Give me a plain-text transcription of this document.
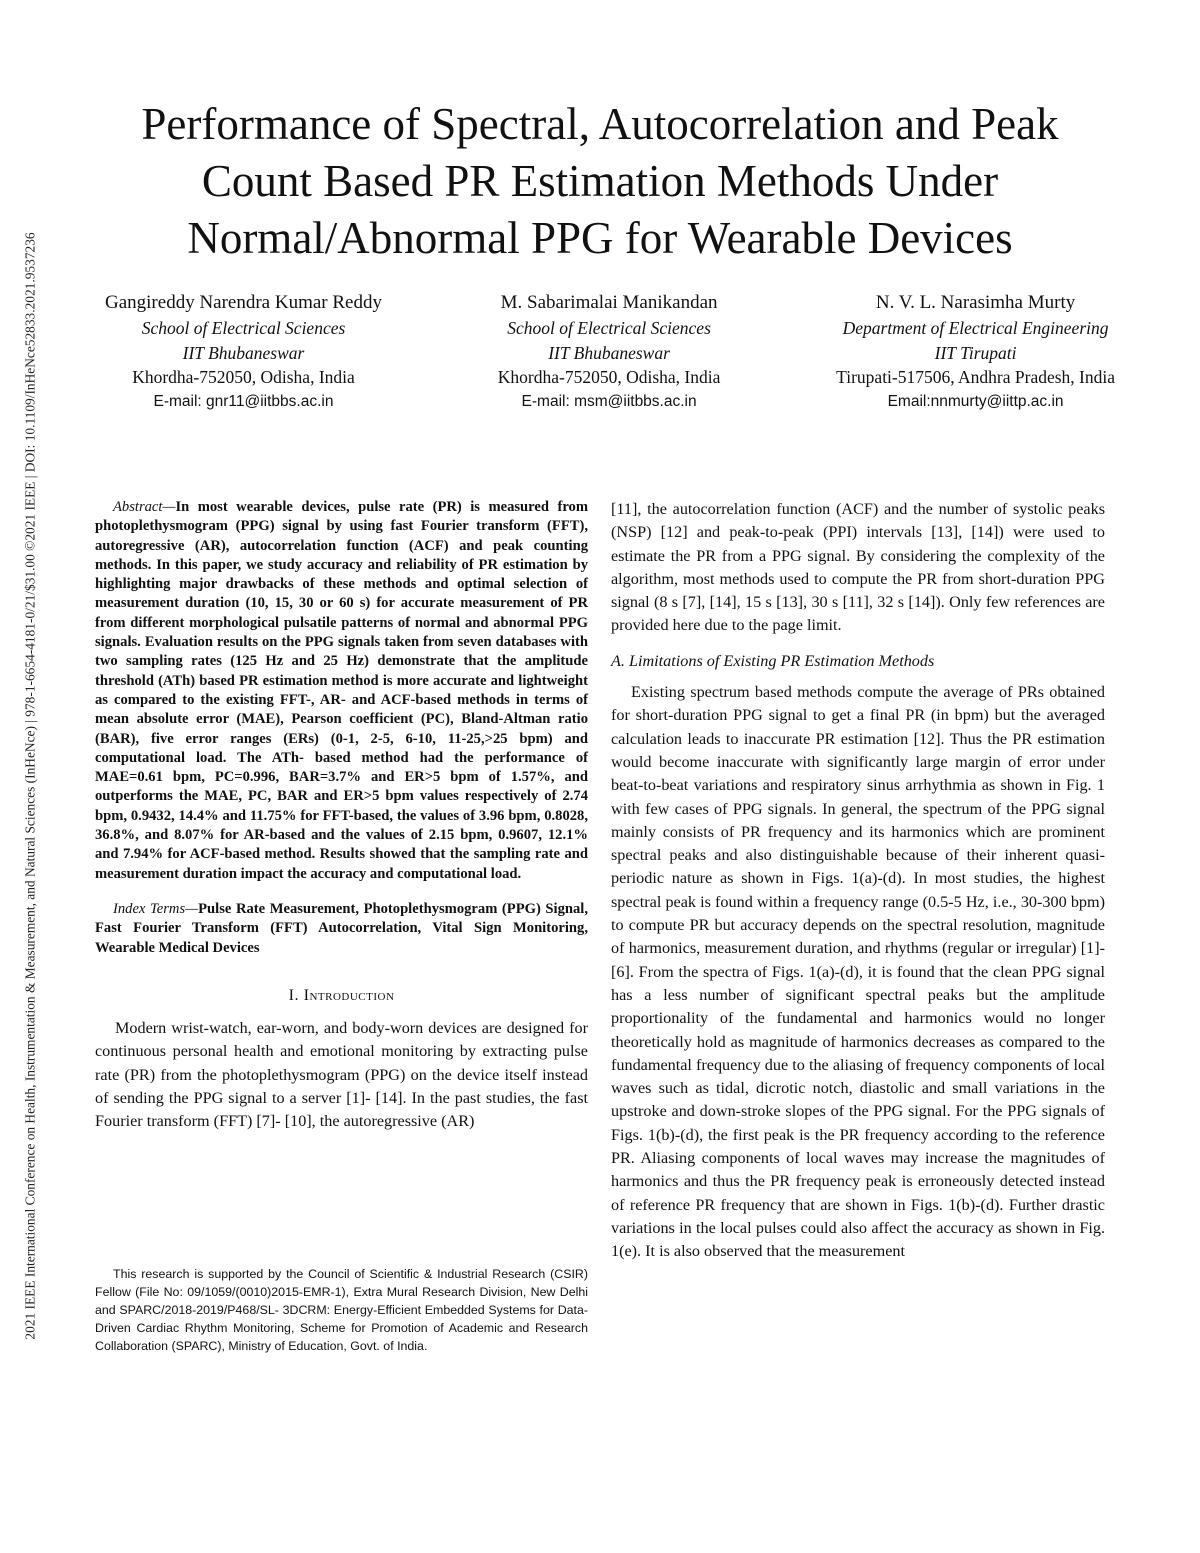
2021 IEEE International Conference on Health, Instrumentation & Measurement, and Natural Sciences (InHeNce) | 978-1-6654-4181-0/21/$31.00 ©2021 IEEE | DOI: 10.1109/InHeNce52833.2021.9537236
Performance of Spectral, Autocorrelation and Peak
Count Based PR Estimation Methods Under
Normal/Abnormal PPG for Wearable Devices
Gangireddy Narendra Kumar Reddy
School of Electrical Sciences
IIT Bhubaneswar
Khordha-752050, Odisha, India
E-mail: gnr11@iitbbs.ac.in
M. Sabarimalai Manikandan
School of Electrical Sciences
IIT Bhubaneswar
Khordha-752050, Odisha, India
E-mail: msm@iitbbs.ac.in
N. V. L. Narasimha Murty
Department of Electrical Engineering
IIT Tirupati
Tirupati-517506, Andhra Pradesh, India
Email:nnmurty@iittp.ac.in

Abstract—In most wearable devices, pulse rate (PR) is measured from photoplethysmogram (PPG) signal by using fast Fourier transform (FFT), autoregressive (AR), autocorrelation function (ACF) and peak counting methods. In this paper, we study accuracy and reliability of PR estimation by highlighting major drawbacks of these methods and optimal selection of measurement duration (10, 15, 30 or 60 s) for accurate measurement of PR from different morphological pulsatile patterns of normal and abnormal PPG signals. Evaluation results on the PPG signals taken from seven databases with two sampling rates (125 Hz and 25 Hz) demonstrate that the amplitude threshold (ATh) based PR estimation method is more accurate and lightweight as compared to the existing FFT-, AR- and ACF-based methods in terms of mean absolute error (MAE), Pearson coefficient (PC), Bland-Altman ratio (BAR), five error ranges (ERs) (0-1, 2-5, 6-10, 11-25,>25 bpm) and computational load. The ATh- based method had the performance of MAE=0.61 bpm, PC=0.996, BAR=3.7% and ER>5 bpm of 1.57%, and outperforms the MAE, PC, BAR and ER>5 bpm values respectively of 2.74 bpm, 0.9432, 14.4% and 11.75% for FFT-based, the values of 3.96 bpm, 0.8028, 36.8%, and 8.07% for AR-based and the values of 2.15 bpm, 0.9607, 12.1% and 7.94% for ACF-based method. Results showed that the sampling rate and measurement duration impact the accuracy and computational load.

Index Terms—Pulse Rate Measurement, Photoplethysmogram (PPG) Signal, Fast Fourier Transform (FFT) Autocorrelation, Vital Sign Monitoring, Wearable Medical Devices

I. Introduction

Modern wrist-watch, ear-worn, and body-worn devices are designed for continuous personal health and emotional monitoring by extracting pulse rate (PR) from the photoplethysmogram (PPG) on the device itself instead of sending the PPG signal to a server [1]- [14]. In the past studies, the fast Fourier transform (FFT) [7]- [10], the autoregressive (AR)

This research is supported by the Council of Scientific & Industrial Research (CSIR) Fellow (File No: 09/1059/(0010)2015-EMR-1), Extra Mural Research Division, New Delhi and SPARC/2018-2019/P468/SL- 3DCRM: Energy-Efficient Embedded Systems for Data-Driven Cardiac Rhythm Monitoring, Scheme for Promotion of Academic and Research Collaboration (SPARC), Ministry of Education, Govt. of India.

[11], the autocorrelation function (ACF) and the number of systolic peaks (NSP) [12] and peak-to-peak (PPI) intervals [13], [14]) were used to estimate the PR from a PPG signal. By considering the complexity of the algorithm, most methods used to compute the PR from short-duration PPG signal (8 s [7], [14], 15 s [13], 30 s [11], 32 s [14]). Only few references are provided here due to the page limit.

A. Limitations of Existing PR Estimation Methods

Existing spectrum based methods compute the average of PRs obtained for short-duration PPG signal to get a final PR (in bpm) but the averaged calculation leads to inaccurate PR estimation [12]. Thus the PR estimation would become inaccurate with significantly large margin of error under beat-to-beat variations and respiratory sinus arrhythmia as shown in Fig. 1 with few cases of PPG signals. In general, the spectrum of the PPG signal mainly consists of PR frequency and its harmonics which are prominent spectral peaks and also distinguishable because of their inherent quasi-periodic nature as shown in Figs. 1(a)-(d). In most studies, the highest spectral peak is found within a frequency range (0.5-5 Hz, i.e., 30-300 bpm) to compute PR but accuracy depends on the spectral resolution, magnitude of harmonics, measurement duration, and rhythms (regular or irregular) [1]- [6]. From the spectra of Figs. 1(a)-(d), it is found that the clean PPG signal has a less number of significant spectral peaks but the amplitude proportionality of the fundamental and harmonics would no longer theoretically hold as magnitude of harmonics decreases as compared to the fundamental frequency due to the aliasing of frequency components of local waves such as tidal, dicrotic notch, diastolic and small variations in the upstroke and down-stroke slopes of the PPG signal. For the PPG signals of Figs. 1(b)-(d), the first peak is the PR frequency according to the reference PR. Aliasing components of local waves may increase the magnitudes of harmonics and thus the PR frequency peak is erroneously detected instead of reference PR frequency that are shown in Figs. 1(b)-(d). Further drastic variations in the local pulses could also affect the accuracy as shown in Fig. 1(e). It is also observed that the measurement
